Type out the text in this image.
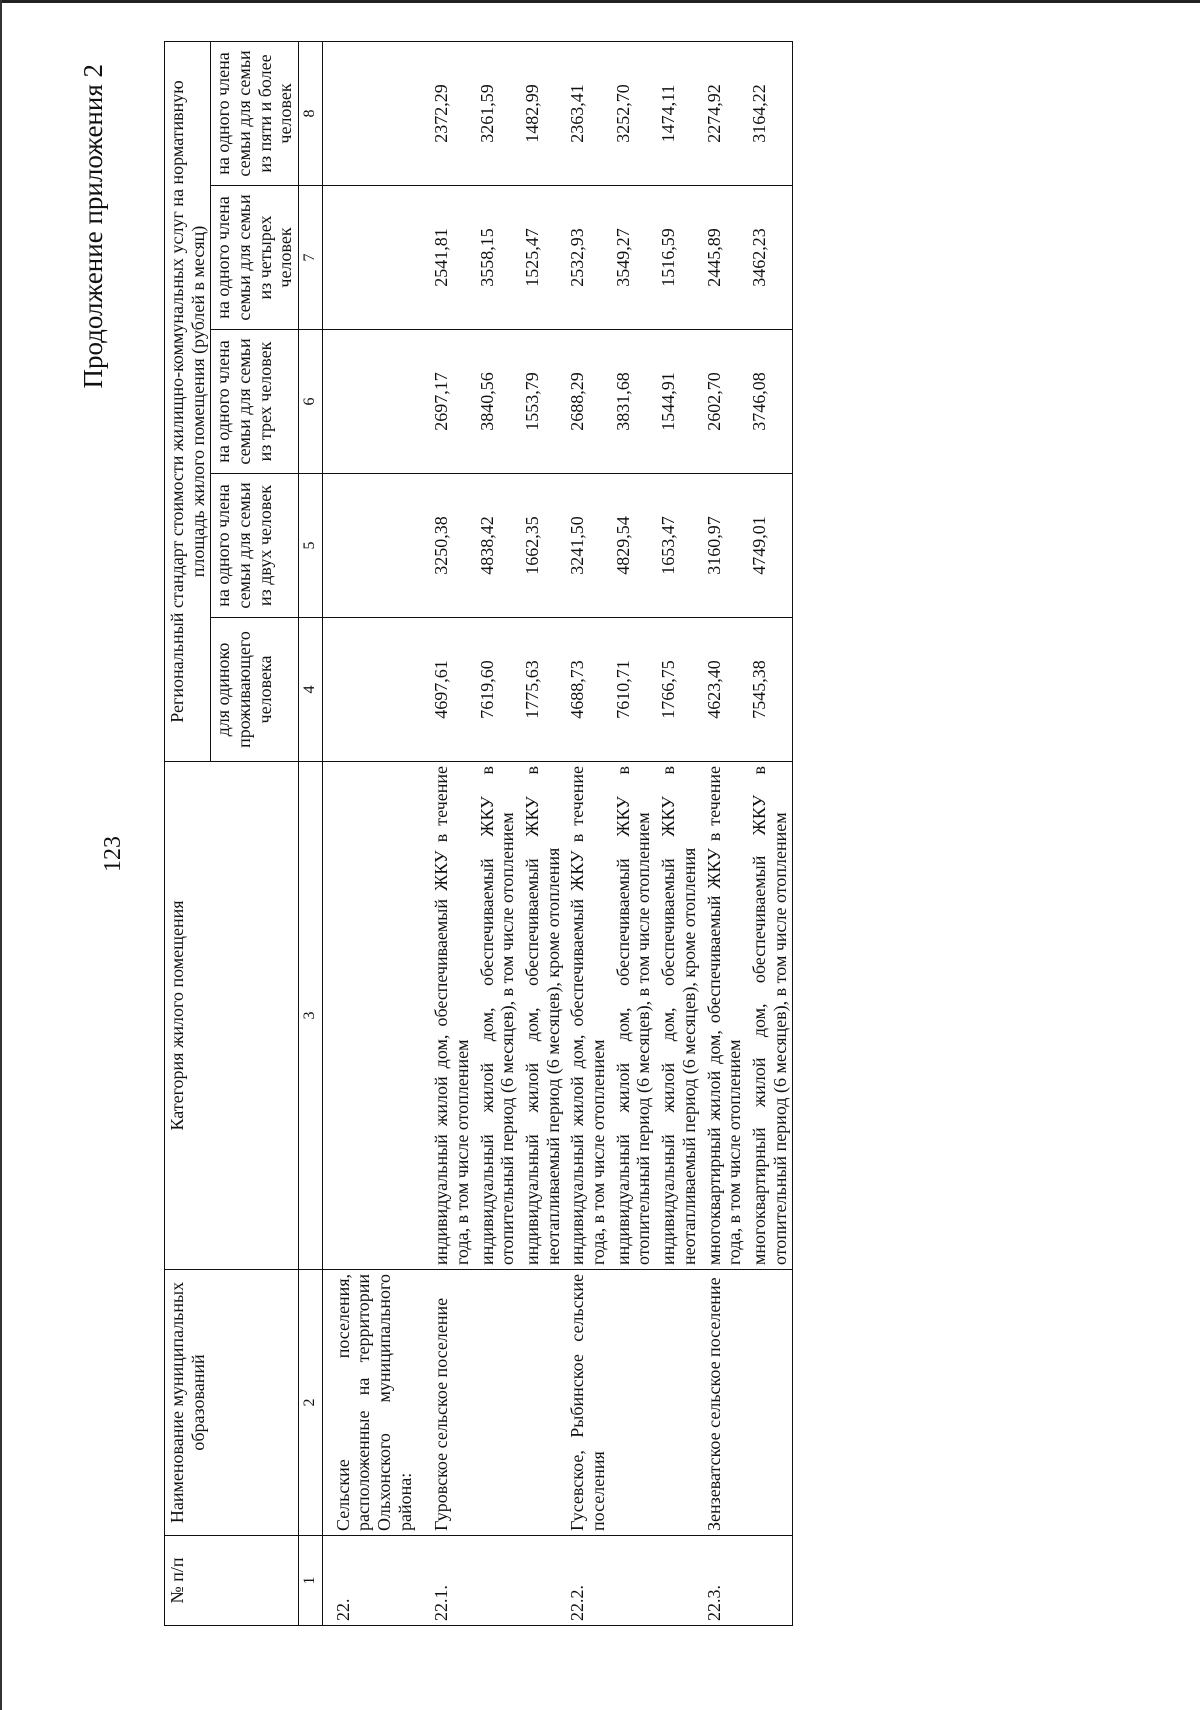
123
Продолжение приложения 2
№ п/п	Наименование муниципальных образований	Категория жилого помещения	Региональный стандарт стоимости жилищно-коммунальных услуг на нормативную площадь жилого помещения (рублей в месяц)				
			для одиноко проживающего человека	на одного члена семьи для семьи из двух человек	на одного члена семьи для семьи из трех человек	на одного члена семьи для семьи из четырех человек	на одного члена семьи для семьи из пяти и более человек
1	2	3	4	5	6	7	8
22.	Сельские поселения, расположенные на территории Ольхонского муниципального района:						
22.1.	Гуровское сельское поселение	индивидуальный жилой дом, обеспечиваемый ЖКУ в течение года, в том числе отоплением	4697,61	3250,38	2697,17	2541,81	2372,29
		индивидуальный жилой дом, обеспечиваемый ЖКУ в отопительный период (6 месяцев), в том числе отоплением	7619,60	4838,42	3840,56	3558,15	3261,59
		индивидуальный жилой дом, обеспечиваемый ЖКУ в неотапливаемый период (6 месяцев), кроме отопления	1775,63	1662,35	1553,79	1525,47	1482,99
22.2.	Гусевское, Рыбинское сельские поселения	индивидуальный жилой дом, обеспечиваемый ЖКУ в течение года, в том числе отоплением	4688,73	3241,50	2688,29	2532,93	2363,41
		индивидуальный жилой дом, обеспечиваемый ЖКУ в отопительный период (6 месяцев), в том числе отоплением	7610,71	4829,54	3831,68	3549,27	3252,70
		индивидуальный жилой дом, обеспечиваемый ЖКУ в неотапливаемый период (6 месяцев), кроме отопления	1766,75	1653,47	1544,91	1516,59	1474,11
22.3.	Зензеватское сельское поселение	многоквартирный жилой дом, обеспечиваемый ЖКУ в течение года, в том числе отоплением	4623,40	3160,97	2602,70	2445,89	2274,92
		многоквартирный жилой дом, обеспечиваемый ЖКУ в отопительный период (6 месяцев), в том числе отоплением	7545,38	4749,01	3746,08	3462,23	3164,22
